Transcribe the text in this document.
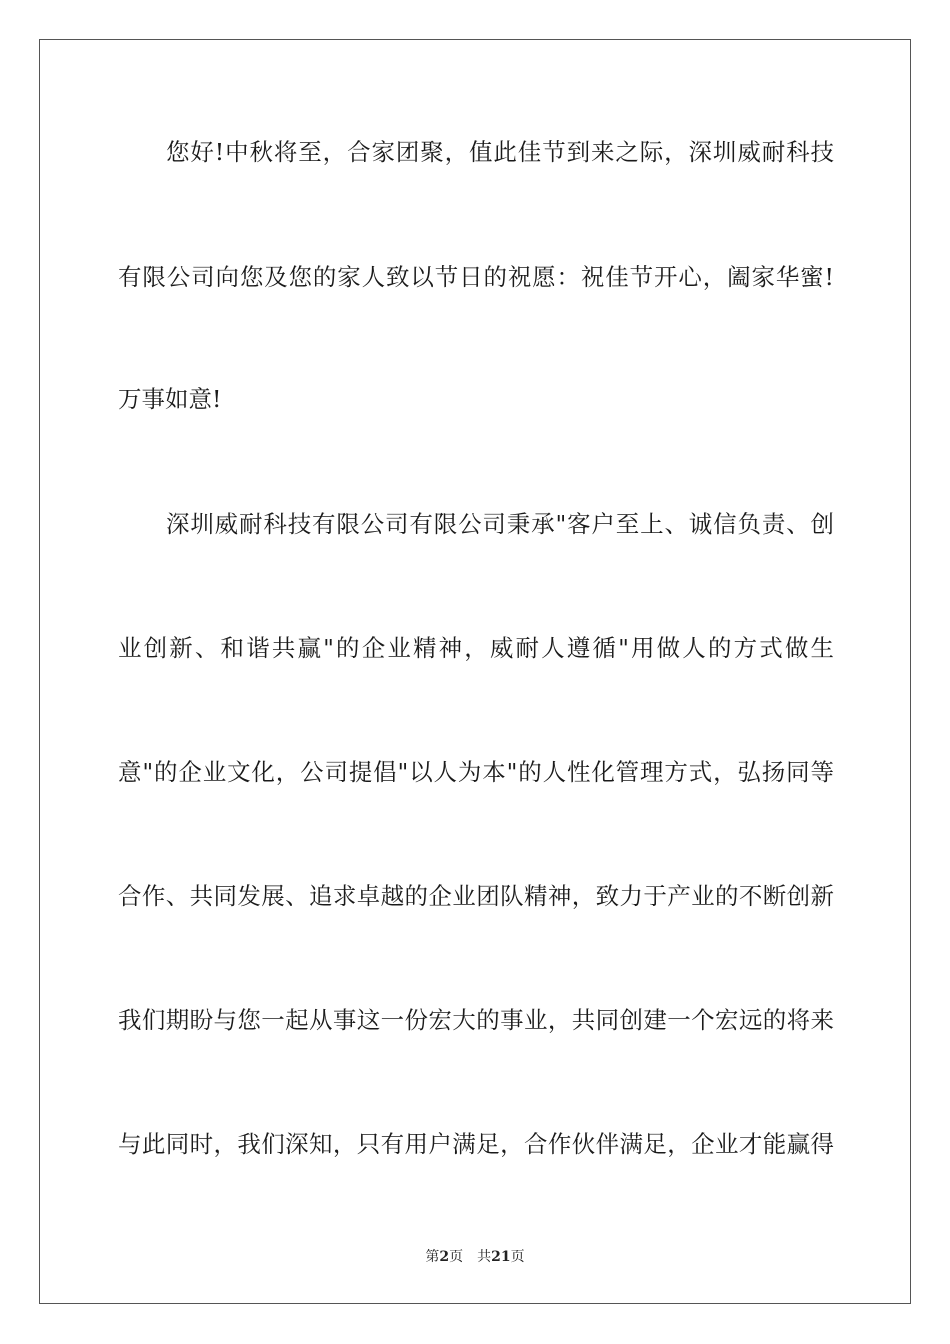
您好!中秋将至，合家团聚，值此佳节到来之际，深圳威耐科技
有限公司向您及您的家人致以节日的祝愿：祝佳节开心，阖家华蜜!
万事如意!
深圳威耐科技有限公司有限公司秉承"客户至上、诚信负责、创
业创新、和谐共赢"的企业精神，威耐人遵循"用做人的方式做生
意"的企业文化，公司提倡"以人为本"的人性化管理方式，弘扬同等
合作、共同发展、追求卓越的企业团队精神，致力于产业的不断创新
我们期盼与您一起从事这一份宏大的事业，共同创建一个宏远的将来
与此同时，我们深知，只有用户满足，合作伙伴满足，企业才能赢得
第2页 共21页
